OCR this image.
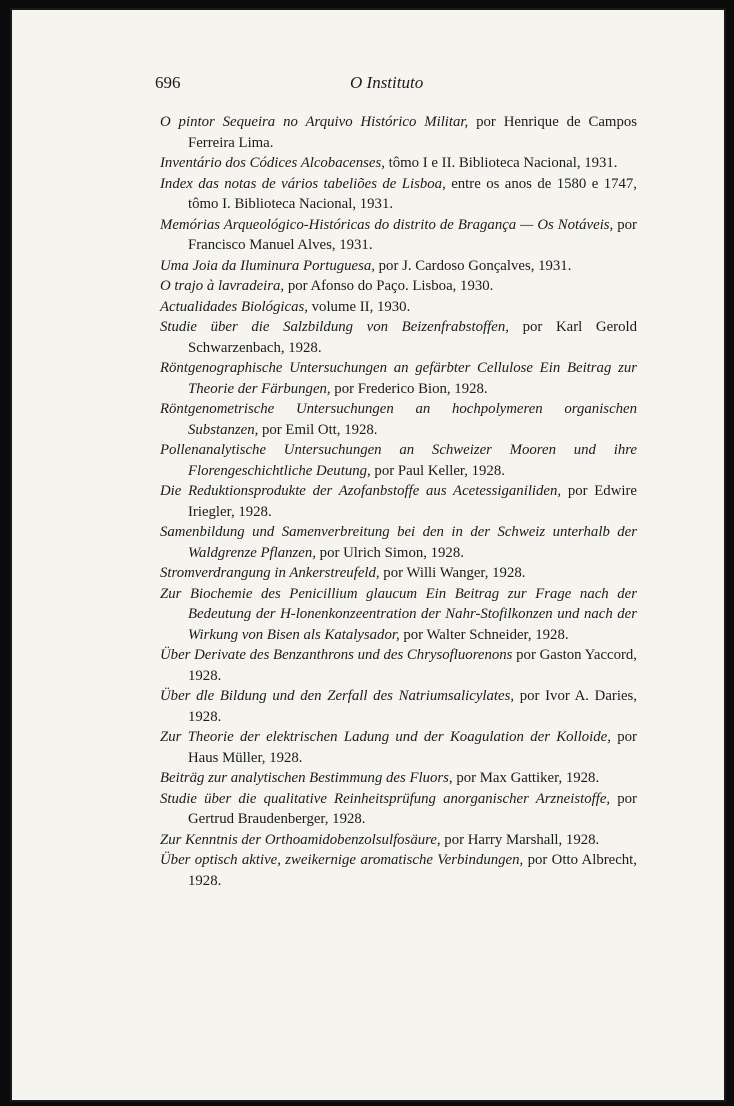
696	O Instituto

O pintor Sequeira no Arquivo Histórico Militar, por Henrique de Campos Ferreira Lima.

Inventário dos Códices Alcobacenses, tômo I e II. Biblioteca Nacional, 1931.

Index das notas de vários tabeliões de Lisboa, entre os anos de 1580 e 1747, tômo I. Biblioteca Nacional, 1931.

Memórias Arqueológico-Históricas do distrito de Bragança — Os Notáveis, por Francisco Manuel Alves, 1931.

Uma Joia da Iluminura Portuguesa, por J. Cardoso Gonçalves, 1931.

O trajo à lavradeira, por Afonso do Paço. Lisboa, 1930.

Actualidades Biológicas, volume II, 1930.

Studie über die Salzbildung von Beizenfrabstoffen, por Karl Gerold Schwarzenbach, 1928.

Röntgenographische Untersuchungen an gefärbter Cellulose Ein Beitrag zur Theorie der Färbungen, por Frederico Bion, 1928.

Röntgenometrische Untersuchungen an hochpolymeren organischen Substanzen, por Emil Ott, 1928.

Pollenanalytische Untersuchungen an Schweizer Mooren und ihre Florengeschichtliche Deutung, por Paul Keller, 1928.

Die Reduktionsprodukte der Azofanbstoffe aus Acetessiganiliden, por Edwire Iriegler, 1928.

Samenbildung und Samenverbreitung bei den in der Schweiz unterhalb der Waldgrenze Pflanzen, por Ulrich Simon, 1928.

Stromverdrangung in Ankerstreufeld, por Willi Wanger, 1928.

Zur Biochemie des Penicillium glaucum Ein Beitrag zur Frage nach der Bedeutung der H-lonenkonzeentration der Nahr-Stofilkonzen und nach der Wirkung von Bisen als Katalysador, por Walter Schneider, 1928.

Über Derivate des Benzanthrons und des Chrysofluorenons por Gaston Yaccord, 1928.

Über dle Bildung und den Zerfall des Natriumsalicylates, por Ivor A. Daries, 1928.

Zur Theorie der elektrischen Ladung und der Koagulation der Kolloide, por Haus Müller, 1928.

Beiträg zur analytischen Bestimmung des Fluors, por Max Gattiker, 1928.

Studie über die qualitative Reinheitsprüfung anorganischer Arzneistoffe, por Gertrud Braudenberger, 1928.

Zur Kenntnis der Orthoamidobenzolsulfosäure, por Harry Marshall, 1928.

Über optisch aktive, zweikernige aromatische Verbindungen, por Otto Albrecht, 1928.
